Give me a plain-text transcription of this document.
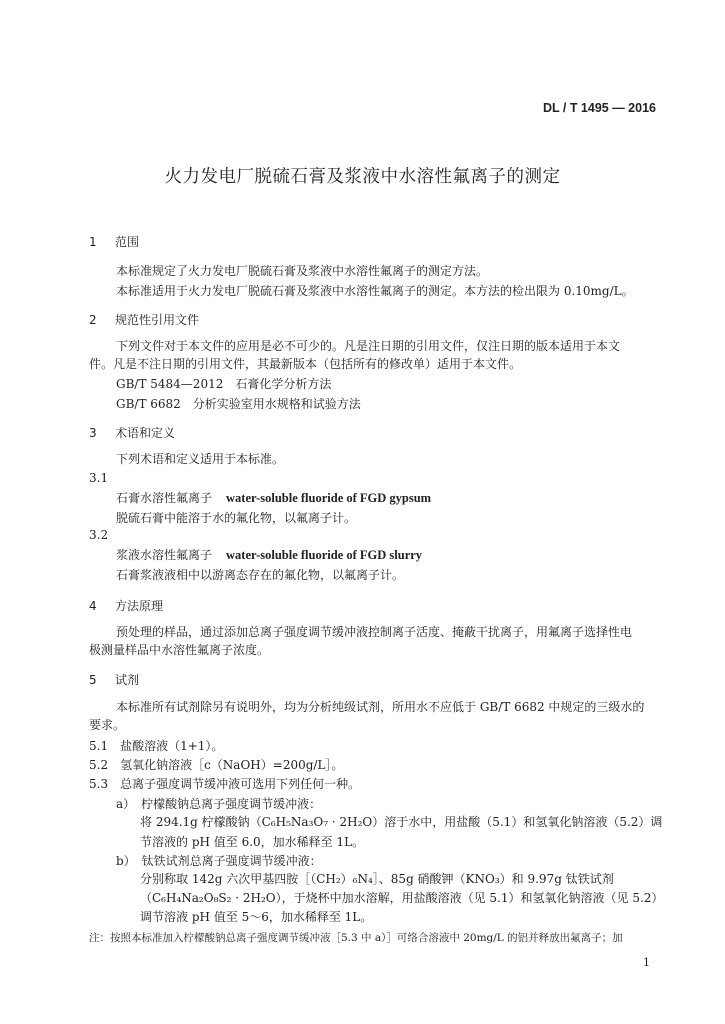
DL / T 1495 — 2016
火力发电厂脱硫石膏及浆液中水溶性氟离子的测定
1 范围
本标准规定了火力发电厂脱硫石膏及浆液中水溶性氟离子的测定方法。
本标准适用于火力发电厂脱硫石膏及浆液中水溶性氟离子的测定。本方法的检出限为 0.10mg/L。
2 规范性引用文件
下列文件对于本文件的应用是必不可少的。凡是注日期的引用文件，仅注日期的版本适用于本文
件。凡是不注日期的引用文件，其最新版本（包括所有的修改单）适用于本文件。
GB/T 5484—2012　石膏化学分析方法
GB/T 6682　分析实验室用水规格和试验方法
3 术语和定义
下列术语和定义适用于本标准。
3.1
石膏水溶性氟离子 water-soluble fluoride of FGD gypsum
脱硫石膏中能溶于水的氟化物，以氟离子计。
3.2
浆液水溶性氟离子 water-soluble fluoride of FGD slurry
石膏浆液液相中以游离态存在的氟化物，以氟离子计。
4 方法原理
预处理的样品，通过添加总离子强度调节缓冲液控制离子活度、掩蔽干扰离子，用氟离子选择性电
极测量样品中水溶性氟离子浓度。
5 试剂
本标准所有试剂除另有说明外，均为分析纯级试剂，所用水不应低于 GB/T 6682 中规定的三级水的
要求。
5.1　盐酸溶液（1+1）。
5.2　氢氧化钠溶液［c（NaOH）=200g/L］。
5.3　总离子强度调节缓冲液可选用下列任何一种。
a）　柠檬酸钠总离子强度调节缓冲液：
将 294.1g 柠檬酸钠（C₆H₅Na₃O₇ · 2H₂O）溶于水中，用盐酸（5.1）和氢氧化钠溶液（5.2）调
节溶液的 pH 值至 6.0，加水稀释至 1L。
b）　钛铁试剂总离子强度调节缓冲液：
分别称取 142g 六次甲基四胺［（CH₂）₆N₄］、85g 硝酸钾（KNO₃）和 9.97g 钛铁试剂
（C₆H₄Na₂O₈S₂ · 2H₂O），于烧杯中加水溶解，用盐酸溶液（见 5.1）和氢氧化钠溶液（见 5.2）
调节溶液 pH 值至 5～6，加水稀释至 1L。
注：按照本标准加入柠檬酸钠总离子强度调节缓冲液［5.3 中 a）］可络合溶液中 20mg/L 的铝并释放出氟离子；加
1
